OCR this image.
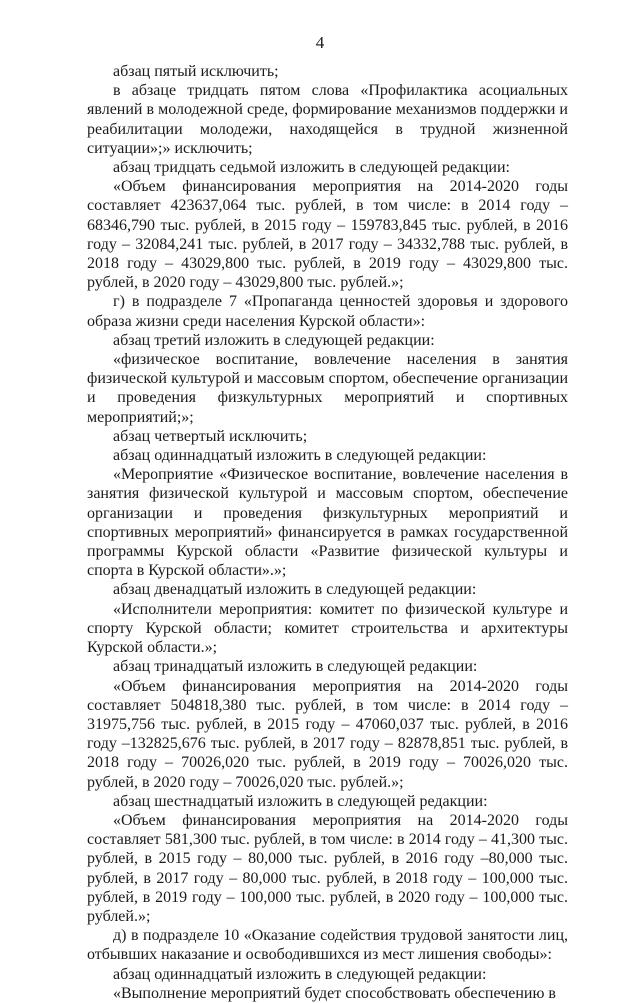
4

абзац пятый исключить;

в абзаце тридцать пятом слова «Профилактика асоциальных явлений в молодежной среде, формирование механизмов поддержки и реабилитации молодежи, находящейся в трудной жизненной ситуации»;» исключить;

абзац тридцать седьмой изложить в следующей редакции:

«Объем финансирования мероприятия на 2014-2020 годы составляет 423637,064 тыс. рублей, в том числе: в 2014 году – 68346,790 тыс. рублей, в 2015 году – 159783,845 тыс. рублей, в 2016 году – 32084,241 тыс. рублей, в 2017 году – 34332,788 тыс. рублей, в 2018 году – 43029,800 тыс. рублей, в 2019 году – 43029,800 тыс. рублей, в 2020 году – 43029,800 тыс. рублей.»;

г) в подразделе 7 «Пропаганда ценностей здоровья и здорового образа жизни среди населения Курской области»:

абзац третий изложить в следующей редакции:

«физическое воспитание, вовлечение населения в занятия физической культурой и массовым спортом, обеспечение организации и проведения физкультурных мероприятий и спортивных мероприятий;»;

абзац четвертый исключить;

абзац одиннадцатый изложить в следующей редакции:

«Мероприятие «Физическое воспитание, вовлечение населения в занятия физической культурой и массовым спортом, обеспечение организации и проведения физкультурных мероприятий и спортивных мероприятий» финансируется в рамках государственной программы Курской области «Развитие физической культуры и спорта в Курской области».»;

абзац двенадцатый изложить в следующей редакции:

«Исполнители мероприятия: комитет по физической культуре и спорту Курской области; комитет строительства и архитектуры Курской области.»;

абзац тринадцатый изложить в следующей редакции:

«Объем финансирования мероприятия на 2014-2020 годы составляет 504818,380 тыс. рублей, в том числе: в 2014 году – 31975,756 тыс. рублей, в 2015 году – 47060,037 тыс. рублей, в 2016 году –132825,676 тыс. рублей, в 2017 году – 82878,851 тыс. рублей, в 2018 году – 70026,020 тыс. рублей, в 2019 году – 70026,020 тыс. рублей, в 2020 году – 70026,020 тыс. рублей.»;

абзац шестнадцатый изложить в следующей редакции:

«Объем финансирования мероприятия на 2014-2020 годы составляет 581,300 тыс. рублей, в том числе: в 2014 году – 41,300 тыс. рублей, в 2015 году – 80,000 тыс. рублей, в 2016 году –80,000 тыс. рублей, в 2017 году – 80,000 тыс. рублей, в 2018 году – 100,000 тыс. рублей, в 2019 году – 100,000 тыс. рублей, в 2020 году – 100,000 тыс. рублей.»;

д) в подразделе 10 «Оказание содействия трудовой занятости лиц, отбывших наказание и освободившихся из мест лишения свободы»:

абзац одиннадцатый изложить в следующей редакции:

«Выполнение мероприятий будет способствовать обеспечению в
